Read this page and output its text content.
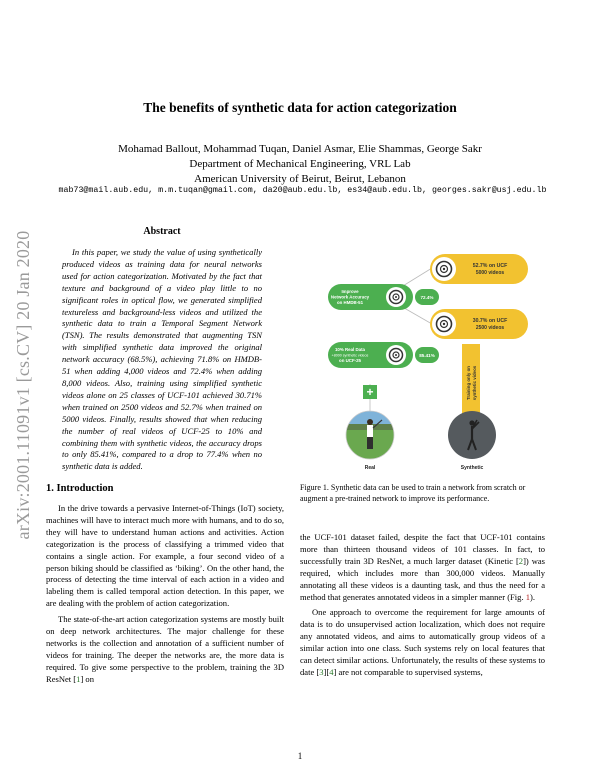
arXiv:2001.11091v1 [cs.CV] 20 Jan 2020
The benefits of synthetic data for action categorization
Mohamad Ballout, Mohammad Tuqan, Daniel Asmar, Elie Shammas, George Sakr
Department of Mechanical Engineering, VRL Lab
American University of Beirut, Beirut, Lebanon
mab73@mail.aub.edu, m.m.tuqan@gmail.com, da20@aub.edu.lb, es34@aub.edu.lb, georges.sakr@usj.edu.lb
Abstract
In this paper, we study the value of using synthetically produced videos as training data for neural networks used for action categorization. Motivated by the fact that texture and background of a video play little to no significant roles in optical flow, we generated simplified textureless and background-less videos and utilized the synthetic data to train a Temporal Segment Network (TSN). The results demonstrated that augmenting TSN with simplified synthetic data improved the original network accuracy (68.5%), achieving 71.8% on HMDB-51 when adding 4,000 videos and 72.4% when adding 8,000 videos. Also, training using simplified synthetic videos alone on 25 classes of UCF-101 achieved 30.71% when trained on 2500 videos and 52.7% when trained on 5000 videos. Finally, results showed that when reducing the number of real videos of UCF-25 to 10% and combining them with synthetic videos, the accuracy drops to only 85.41%, compared to a drop to 77.4% when no synthetic data is added.
1. Introduction

In the drive towards a pervasive Internet-of-Things (IoT) society, machines will have to interact much more with humans, and to do so, they will have to understand human actions and activities. Action categorization is the process of classifying a trimmed video that contains a single action. For example, a four second video of a person biking should be classified as ‘biking’. On the other hand, the process of detecting the time interval of each action in a video and labeling them is called temporal action detection. In this paper, we are dealing with the problem of action categorization.

The state-of-the-art action categorization systems are mostly built on deep network architectures. The major challenge for these networks is the collection and annotation of a sufficient number of videos for training. The deeper the networks are, the more data is required. To give some perspective to the problem, training the 3D ResNet [1] on

Improve
Network Accuracy
on HMDB-51
72.4%
10% Real Data
+8000 synthetic videos
on UCF-25
85.41%
52.7% on UCF
5000 videos
30.7% on UCF
2500 videos
Training only on synthetic videos
+
Real	Synthetic
Figure 1. Synthetic data can be used to train a network from scratch or augment a pre-trained network to improve its performance.

the UCF-101 dataset failed, despite the fact that UCF-101 contains more than thirteen thousand videos of 101 classes. In fact, to successfully train 3D ResNet, a much larger dataset (Kinetic [2]) was required, which includes more than 300,000 videos. Manually annotating all these videos is a daunting task, and thus the need for a method that generates annotated videos in a simpler manner (Fig. 1).

One approach to overcome the requirement for large amounts of data is to do unsupervised action localization, which does not require any annotated videos, and aims to automatically group videos of a similar action into one class. Such systems rely on local features that can detect similar actions. Unfortunately, the results of these systems to date [3][4] are not comparable to supervised systems,

1
